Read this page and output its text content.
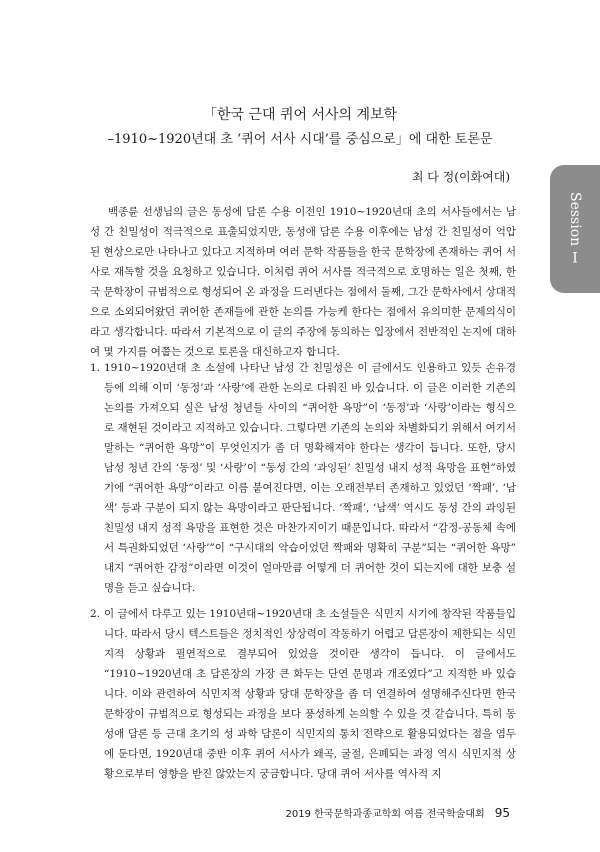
「한국 근대 퀴어 서사의 계보학
–1910~1920년대 초 ‘퀴어 서사 시대’를 중심으로」에 대한 토론문
최 다 정(이화여대)
Session Ⅰ

백종륜 선생님의 글은 동성에 담론 수용 이전인 1910~1920년대 초의 서사들에서는 남성 간 친밀성이 적극적으로 표출되었지만, 동성애 담론 수용 이후에는 남성 간 친밀성이 억압된 현상으로만 나타나고 있다고 지적하며 여러 문학 작품들을 한국 문학장에 존재하는 퀴어 서사로 재독할 것을 요청하고 있습니다. 이처럼 퀴어 서사를 적극적으로 호명하는 일은 첫째, 한국 문학장이 규범적으로 형성되어 온 과정을 드러낸다는 점에서 둘째, 그간 문학사에서 상대적으로 소외되어왔던 퀴어한 존재들에 관한 논의를 가능케 한다는 점에서 유의미한 문제의식이라고 생각합니다. 따라서 기본적으로 이 글의 주장에 동의하는 입장에서 전반적인 논지에 대하여 몇 가지를 여쭙는 것으로 토론을 대신하고자 합니다.

1. 1910~1920년대 초 소설에 나타난 남성 간 친밀성은 이 글에서도 인용하고 있듯 손유경 등에 의해 이미 ‘동정’과 ‘사랑’에 관한 논의로 다뤄진 바 있습니다. 이 글은 이러한 기존의 논의를 가져오되 실은 남성 청년들 사이의 “퀴어한 욕망”이 ‘동정’과 ‘사랑’이라는 형식으로 재현된 것이라고 지적하고 있습니다. 그렇다면 기존의 논의와 차별화되기 위해서 여기서 말하는 “퀴어한 욕망”이 무엇인지가 좀 더 명확해져야 한다는 생각이 듭니다. 또한, 당시 남성 청년 간의 ‘동정’ 및 ‘사랑’이 “동성 간의 ‘과잉된’ 친밀성 내지 성적 욕망을 표현”하였기에 “퀴어한 욕망”이라고 이름 붙여진다면, 이는 오래전부터 존재하고 있었던 ‘짝패’, ‘남색’ 등과 구분이 되지 않는 욕망이라고 판단됩니다. ‘짝패’, ‘남색’ 역시도 동성 간의 과잉된 친밀성 내지 성적 욕망을 표현한 것은 마찬가지이기 때문입니다. 따라서 “감정-공동체 속에서 특권화되었던 ‘사랑’”이 “구시대의 악습이었던 짝패와 명확히 구분”되는 “퀴어한 욕망” 내지 “퀴어한 감정”이라면 이것이 얼마만큼 어떻게 더 퀴어한 것이 되는지에 대한 보충 설명을 듣고 싶습니다.
2. 이 글에서 다루고 있는 1910년대~1920년대 초 소설들은 식민지 시기에 창작된 작품들입니다. 따라서 당시 텍스트들은 정치적인 상상력이 작동하기 어렵고 담론장이 제한되는 식민지적 상황과 필연적으로 결부되어 있었을 것이란 생각이 듭니다. 이 글에서도 “1910~1920년대 초 담론장의 가장 큰 화두는 단연 문명과 개조였다”고 지적한 바 있습니다. 이와 관련하여 식민지적 상황과 당대 문학장을 좀 더 연결하여 설명해주신다면 한국 문학장이 규범적으로 형성되는 과정을 보다 풍성하게 논의할 수 있을 것 같습니다. 특히 동성애 담론 등 근대 초기의 성 과학 담론이 식민지의 통치 전략으로 활용되었다는 점을 염두에 둔다면, 1920년대 중반 이후 퀴어 서사가 왜곡, 굴절, 은폐되는 과정 역시 식민지적 상황으로부터 영향을 받진 않았는지 궁금합니다. 당대 퀴어 서사를 역사적 지
2019 한국문학과종교학회 여름 전국학술대회 95
